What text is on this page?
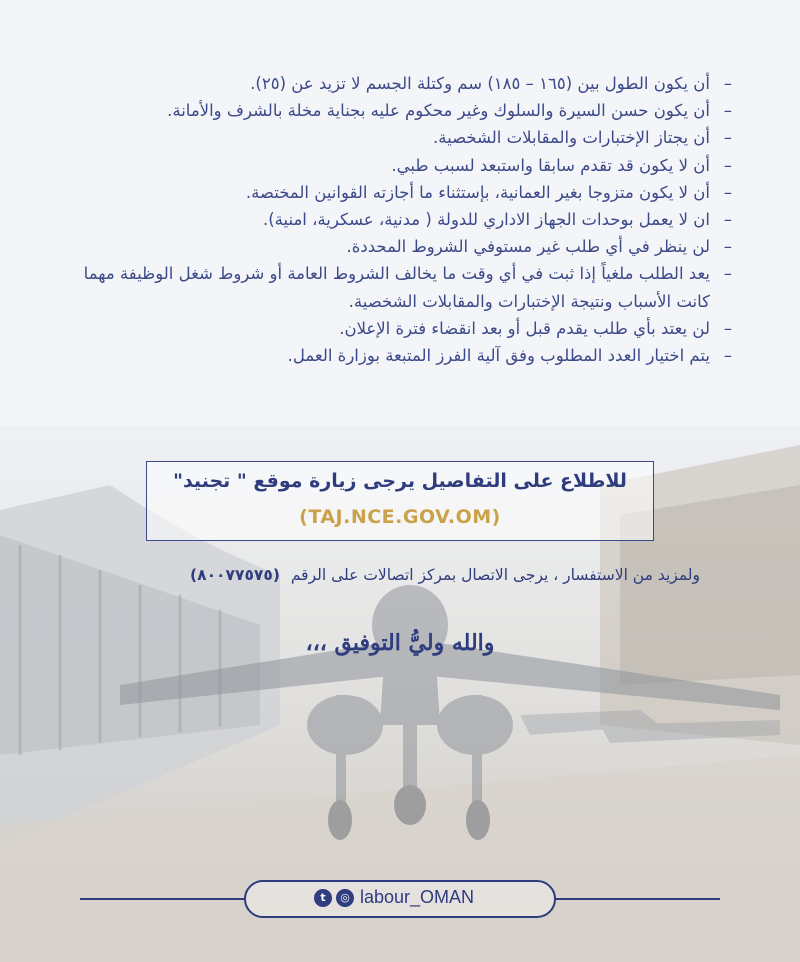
– أن يكون الطول بين (١٦٥ – ١٨٥) سم وكتلة الجسم لا تزيد عن (٢٥).
– أن يكون حسن السيرة والسلوك وغير محكوم عليه بجناية مخلة بالشرف والأمانة.
– أن يجتاز الإختبارات والمقابلات الشخصية.
– أن لا يكون قد تقدم سابقا واستبعد لسبب طبي.
– أن لا يكون متزوجا بغير العمانية، بإستثناء ما أجازته القوانين المختصة.
– ان لا يعمل بوحدات الجهاز الاداري للدولة ( مدنية، عسكرية، امنية).
– لن ينظر في أي طلب غير مستوفي الشروط المحددة.
– يعد الطلب ملغياً إذا ثبت في أي وقت ما يخالف الشروط العامة أو شروط شغل الوظيفة مهما كانت الأسباب ونتيجة الإختبارات والمقابلات الشخصية.
– لن يعتد بأي طلب يقدم قبل أو بعد انقضاء فترة الإعلان.
– يتم اختيار العدد المطلوب وفق آلية الفرز المتبعة بوزارة العمل.
للاطلاع على التفاصيل يرجى زيارة موقع " تجنيد"
(TAJ.NCE.GOV.OM)
ولمزيد من الاستفسار ، يرجى الاتصال بمركز اتصالات على الرقم (٨٠٠٧٧٥٧٥)
والله وليُّ التوفيق ،،،
t	◎ labour_OMAN
